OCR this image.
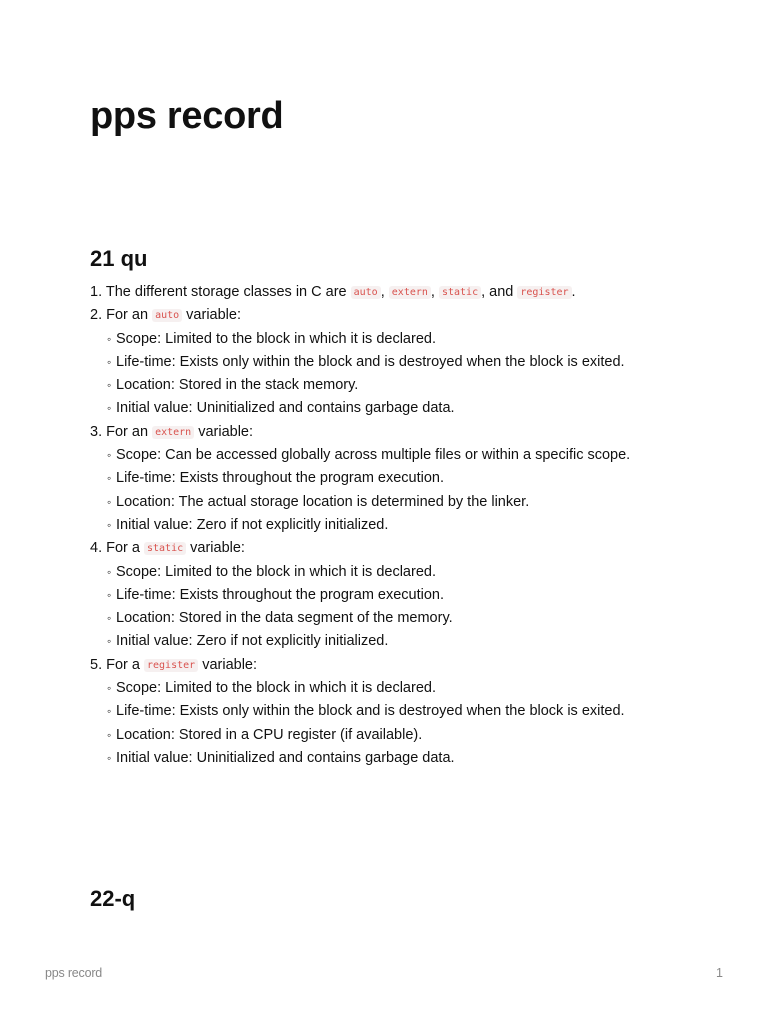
pps record
21 qu
1. The different storage classes in C are auto , extern , static , and register .
2. For an auto variable:
◦ Scope: Limited to the block in which it is declared.
◦ Life-time: Exists only within the block and is destroyed when the block is exited.
◦ Location: Stored in the stack memory.
◦ Initial value: Uninitialized and contains garbage data.
3. For an extern variable:
◦ Scope: Can be accessed globally across multiple files or within a specific scope.
◦ Life-time: Exists throughout the program execution.
◦ Location: The actual storage location is determined by the linker.
◦ Initial value: Zero if not explicitly initialized.
4. For a static variable:
◦ Scope: Limited to the block in which it is declared.
◦ Life-time: Exists throughout the program execution.
◦ Location: Stored in the data segment of the memory.
◦ Initial value: Zero if not explicitly initialized.
5. For a register variable:
◦ Scope: Limited to the block in which it is declared.
◦ Life-time: Exists only within the block and is destroyed when the block is exited.
◦ Location: Stored in a CPU register (if available).
◦ Initial value: Uninitialized and contains garbage data.
22-q
pps record	1
